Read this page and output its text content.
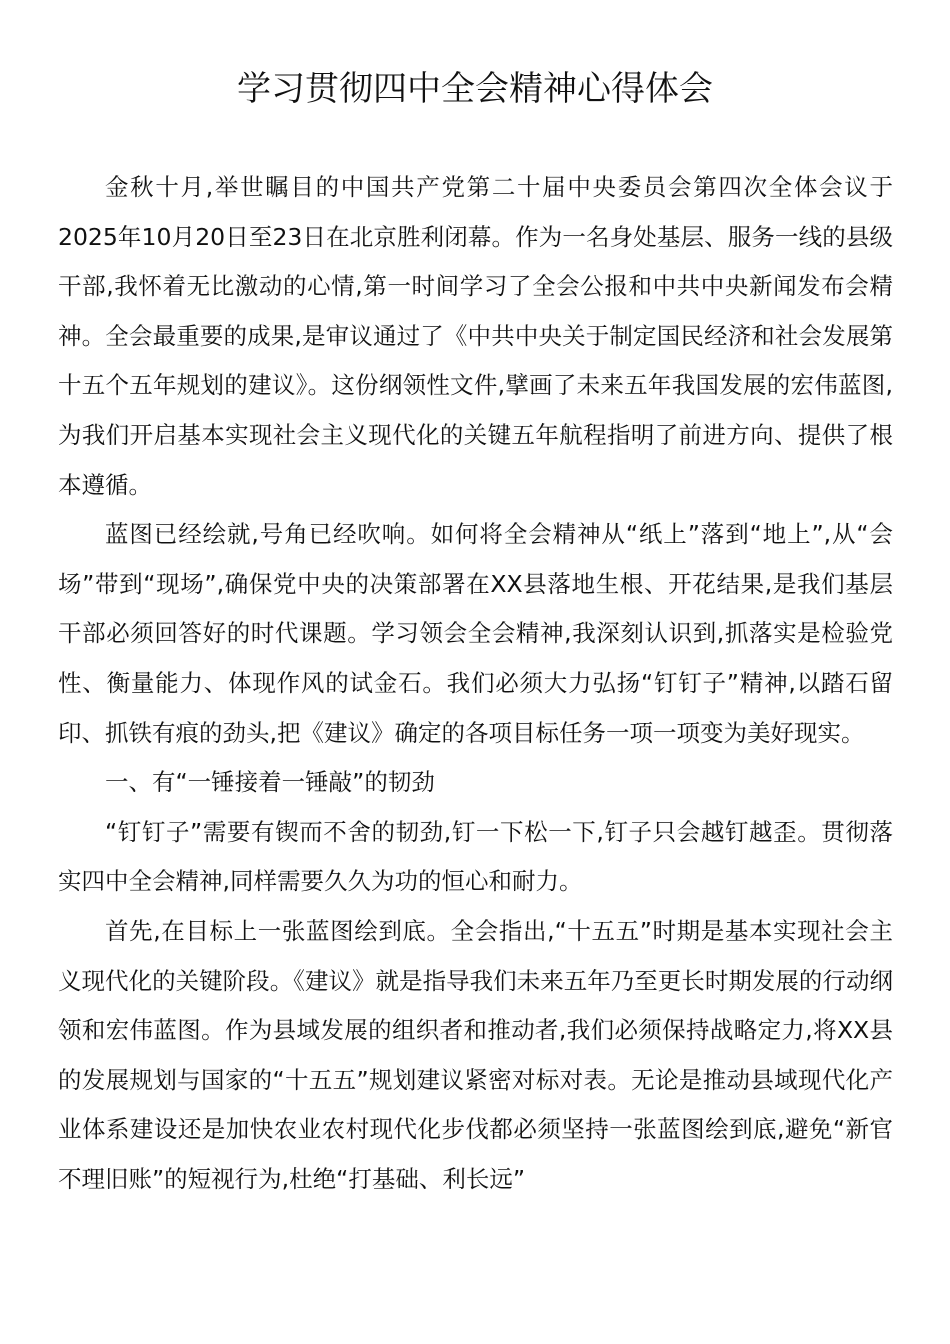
学习贯彻四中全会精神心得体会

金秋十月,举世瞩目的中国共产党第二十届中央委员会第四次全体会议于2025年10月20日至23日在北京胜利闭幕。作为一名身处基层、服务一线的县级干部,我怀着无比激动的心情,第一时间学习了全会公报和中共中央新闻发布会精神。全会最重要的成果,是审议通过了《中共中央关于制定国民经济和社会发展第十五个五年规划的建议》。这份纲领性文件,擘画了未来五年我国发展的宏伟蓝图,为我们开启基本实现社会主义现代化的关键五年航程指明了前进方向、提供了根本遵循。

蓝图已经绘就,号角已经吹响。如何将全会精神从“纸上”落到“地上”,从“会场”带到“现场”,确保党中央的决策部署在XX县落地生根、开花结果,是我们基层干部必须回答好的时代课题。学习领会全会精神,我深刻认识到,抓落实是检验党性、衡量能力、体现作风的试金石。我们必须大力弘扬“钉钉子”精神,以踏石留印、抓铁有痕的劲头,把《建议》确定的各项目标任务一项一项变为美好现实。

一、有“一锤接着一锤敲”的韧劲

“钉钉子”需要有锲而不舍的韧劲,钉一下松一下,钉子只会越钉越歪。贯彻落实四中全会精神,同样需要久久为功的恒心和耐力。

首先,在目标上一张蓝图绘到底。全会指出,“十五五”时期是基本实现社会主义现代化的关键阶段。《建议》就是指导我们未来五年乃至更长时期发展的行动纲领和宏伟蓝图。作为县域发展的组织者和推动者,我们必须保持战略定力,将XX县的发展规划与国家的“十五五”规划建议紧密对标对表。无论是推动县域现代化产业体系建设还是加快农业农村现代化步伐都必须坚持一张蓝图绘到底,避免“新官不理旧账”的短视行为,杜绝“打基础、利长远”
